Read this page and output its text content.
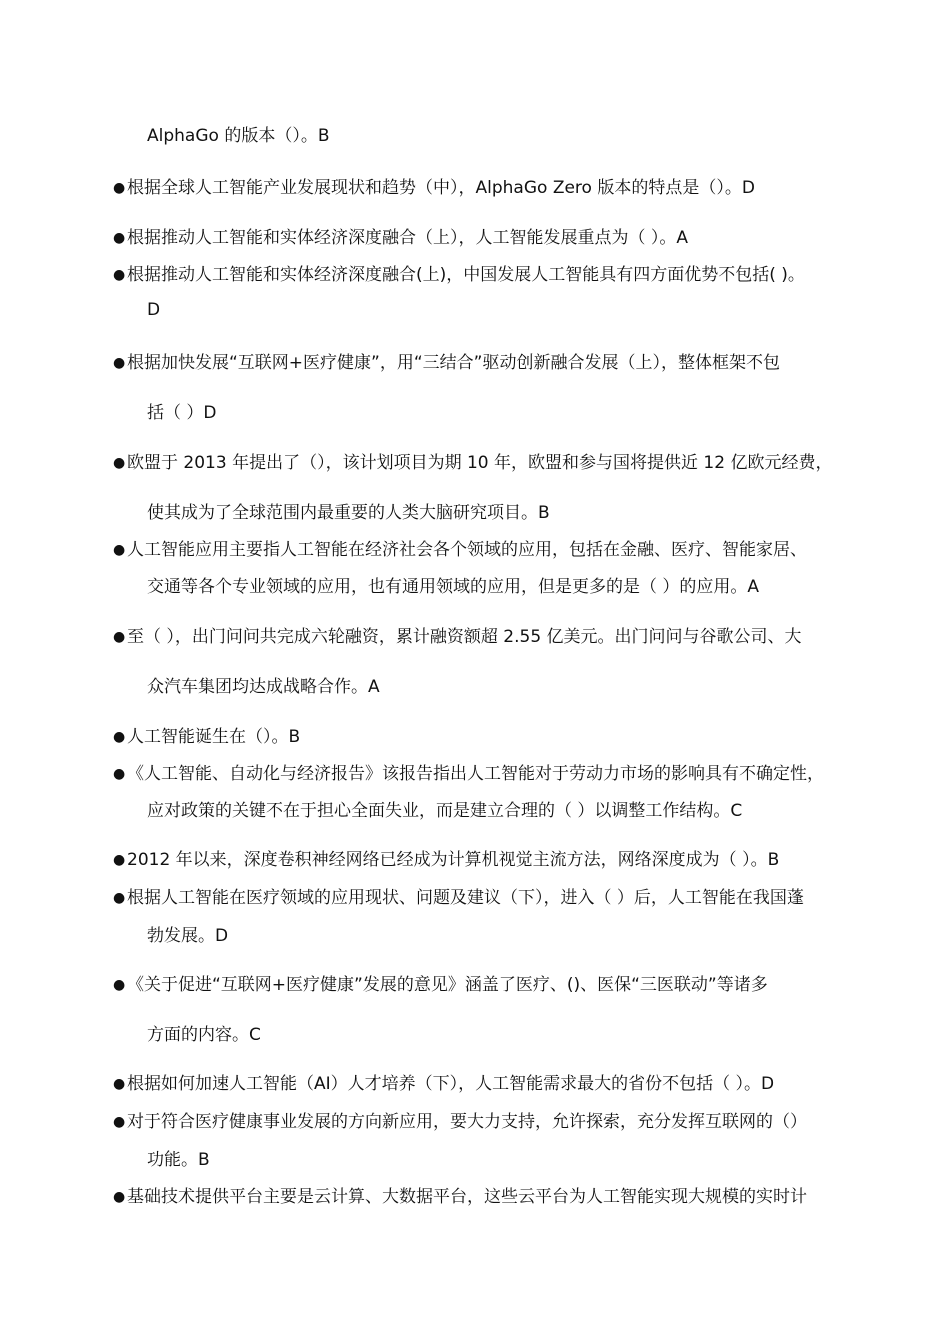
AlphaGo 的版本（）。B
● 根据全球人工智能产业发展现状和趋势（中），AlphaGo Zero 版本的特点是（）。D
● 根据推动人工智能和实体经济深度融合（上），人工智能发展重点为（ ）。A
● 根据推动人工智能和实体经济深度融合(上)，中国发展人工智能具有四方面优势不包括( )。
D
● 根据加快发展“互联网+医疗健康”，用“三结合”驱动创新融合发展（上），整体框架不包
括（ ）D
● 欧盟于 2013 年提出了（），该计划项目为期 10 年，欧盟和参与国将提供近 12 亿欧元经费，
使其成为了全球范围内最重要的人类大脑研究项目。B
● 人工智能应用主要指人工智能在经济社会各个领域的应用，包括在金融、医疗、智能家居、
交通等各个专业领域的应用，也有通用领域的应用，但是更多的是（ ）的应用。A
● 至（ ），出门问问共完成六轮融资，累计融资额超 2.55 亿美元。出门问问与谷歌公司、大
众汽车集团均达成战略合作。A
● 人工智能诞生在（）。B
● 《人工智能、自动化与经济报告》该报告指出人工智能对于劳动力市场的影响具有不确定性，
应对政策的关键不在于担心全面失业，而是建立合理的（ ）以调整工作结构。C
● 2012 年以来，深度卷积神经网络已经成为计算机视觉主流方法，网络深度成为（ ）。B
● 根据人工智能在医疗领域的应用现状、问题及建议（下），进入（ ）后，人工智能在我国蓬
勃发展。D
● 《关于促进“互联网+医疗健康”发展的意见》涵盖了医疗、()、医保“三医联动”等诸多
方面的内容。C
● 根据如何加速人工智能（AI）人才培养（下），人工智能需求最大的省份不包括（ ）。D
● 对于符合医疗健康事业发展的方向新应用，要大力支持，允许探索，充分发挥互联网的（）
功能。B
● 基础技术提供平台主要是云计算、大数据平台，这些云平台为人工智能实现大规模的实时计
